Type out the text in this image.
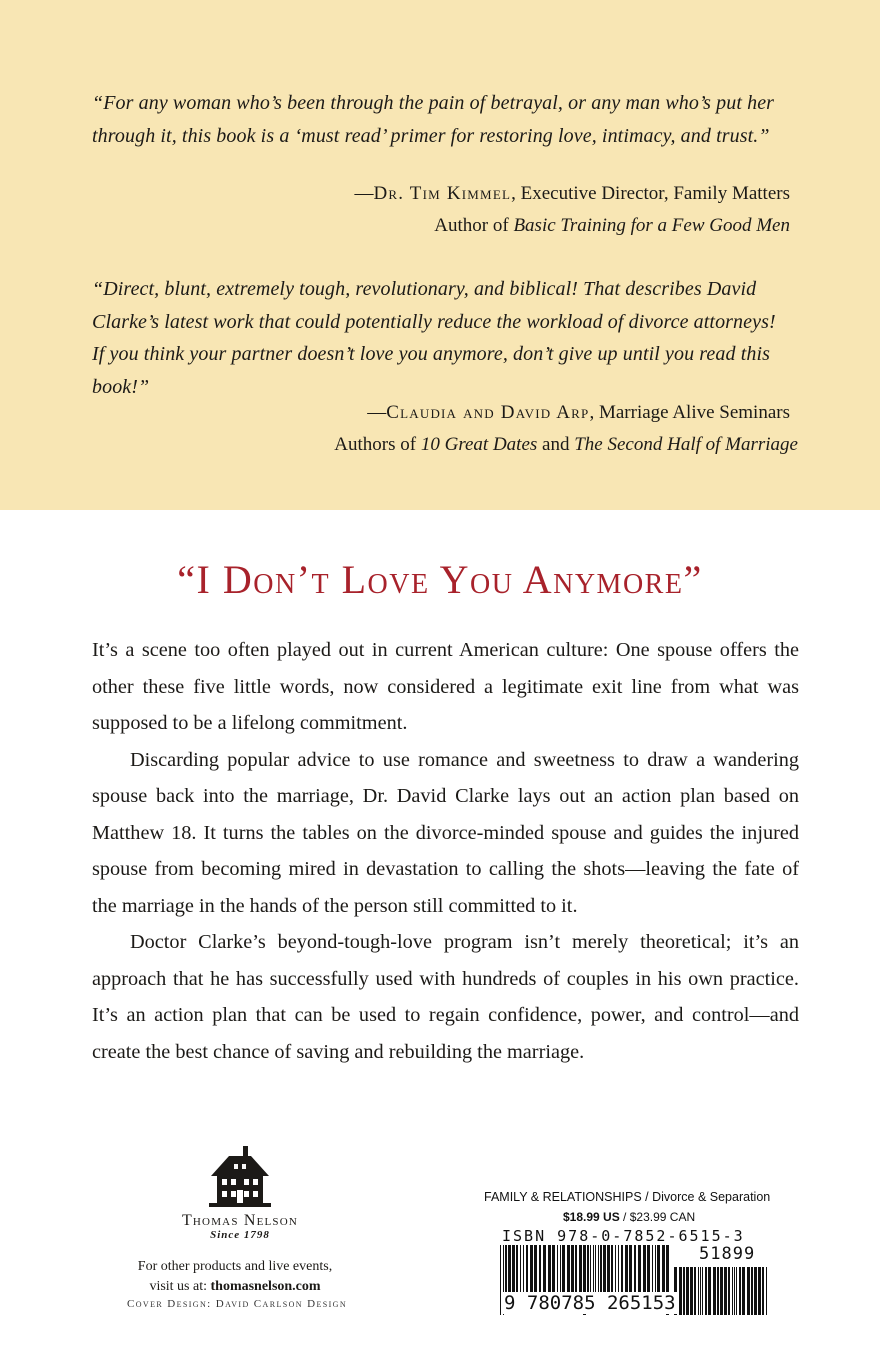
“For any woman who’s been through the pain of betrayal, or any man who’s put her through it, this book is a ‘must read’ primer for restoring love, intimacy, and trust.”
—Dr. Tim Kimmel, Executive Director, Family Matters
Author of Basic Training for a Few Good Men
“Direct, blunt, extremely tough, revolutionary, and biblical! That describes David Clarke’s latest work that could potentially reduce the workload of divorce attorneys! If you think your partner doesn’t love you anymore, don’t give up until you read this book!”
—Claudia and David Arp, Marriage Alive Seminars
Authors of 10 Great Dates and The Second Half of Marriage
“I Don’t Love You Anymore”

It’s a scene too often played out in current American culture: One spouse offers the other these five little words, now considered a legitimate exit line from what was supposed to be a lifelong commitment.

Discarding popular advice to use romance and sweetness to draw a wandering spouse back into the marriage, Dr. David Clarke lays out an action plan based on Matthew 18. It turns the tables on the divorce-minded spouse and guides the injured spouse from becoming mired in devastation to calling the shots—leaving the fate of the marriage in the hands of the person still committed to it.

Doctor Clarke’s beyond-tough-love program isn’t merely theoretical; it’s an approach that he has successfully used with hundreds of couples in his own practice. It’s an action plan that can be used to regain confidence, power, and control—and create the best chance of saving and rebuilding the marriage.

Thomas Nelson
Since 1798
For other products and live events,
visit us at: thomasnelson.com
Cover Design: David Carlson Design
FAMILY & RELATIONSHIPS / Divorce & Separation
$18.99 US / $23.99 CAN
ISBN 978-0-7852-6515-3
51899
9 780785 265153
